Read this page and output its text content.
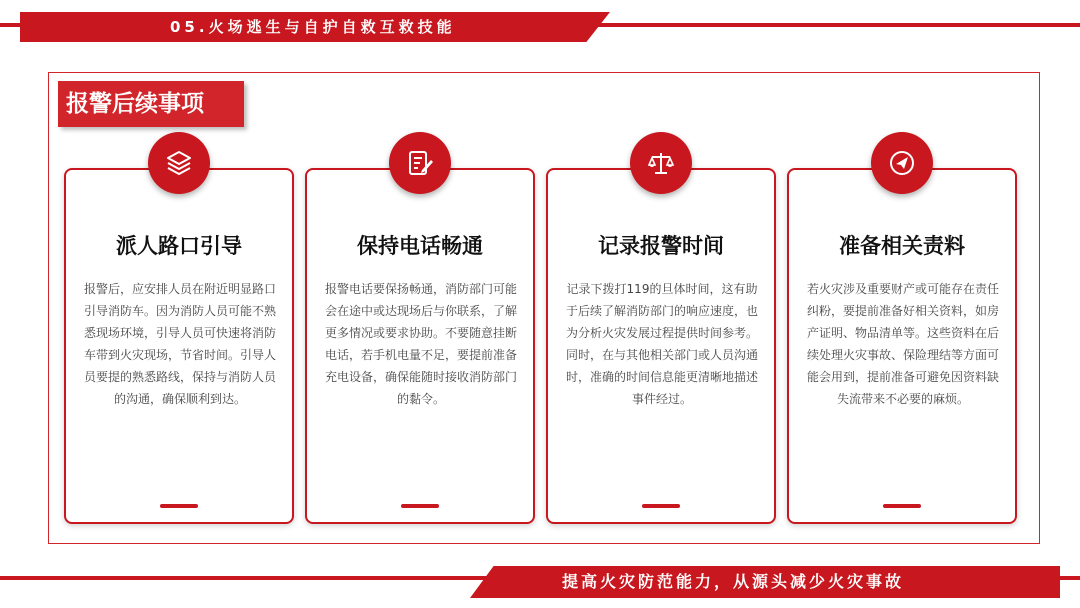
05.火场逃生与自护自救互救技能
报警后续事项
派人路口引导
报警后，应安排人员在附近明显路口引导消防车。因为消防人员可能不熟悉现场环境，引导人员可快速将消防车带到火灾现场，节省时间。引导人员要提的熟悉路线，保持与消防人员的沟通，确保顺利到达。
保持电话畅通
报警电话要保扬畅通，消防部门可能会在途中或达现场后与你联系，了解更多情况或要求协助。不要随意挂断电话，若手机电量不足，要提前准备充电设备，确保能随时接收消防部门的黏令。
记录报警时间
记录下拨打119的旦体时间，这有助于后续了解消防部门的响应速度，也为分析火灾发展过程提供时间参考。同时，在与其他相关部门或人员沟通时，准确的时间信息能更清晰地描述事件经过。
准备相关责料
若火灾涉及重要财产或可能存在责任纠粉，要提前准备好相关资料，如房产证明、物品清单等。这些资料在后续处理火灾事故、保险理结等方面可能会用到，提前准备可避免因资料缺失流带来不必要的麻烦。
提高火灾防范能力，从源头减少火灾事故
